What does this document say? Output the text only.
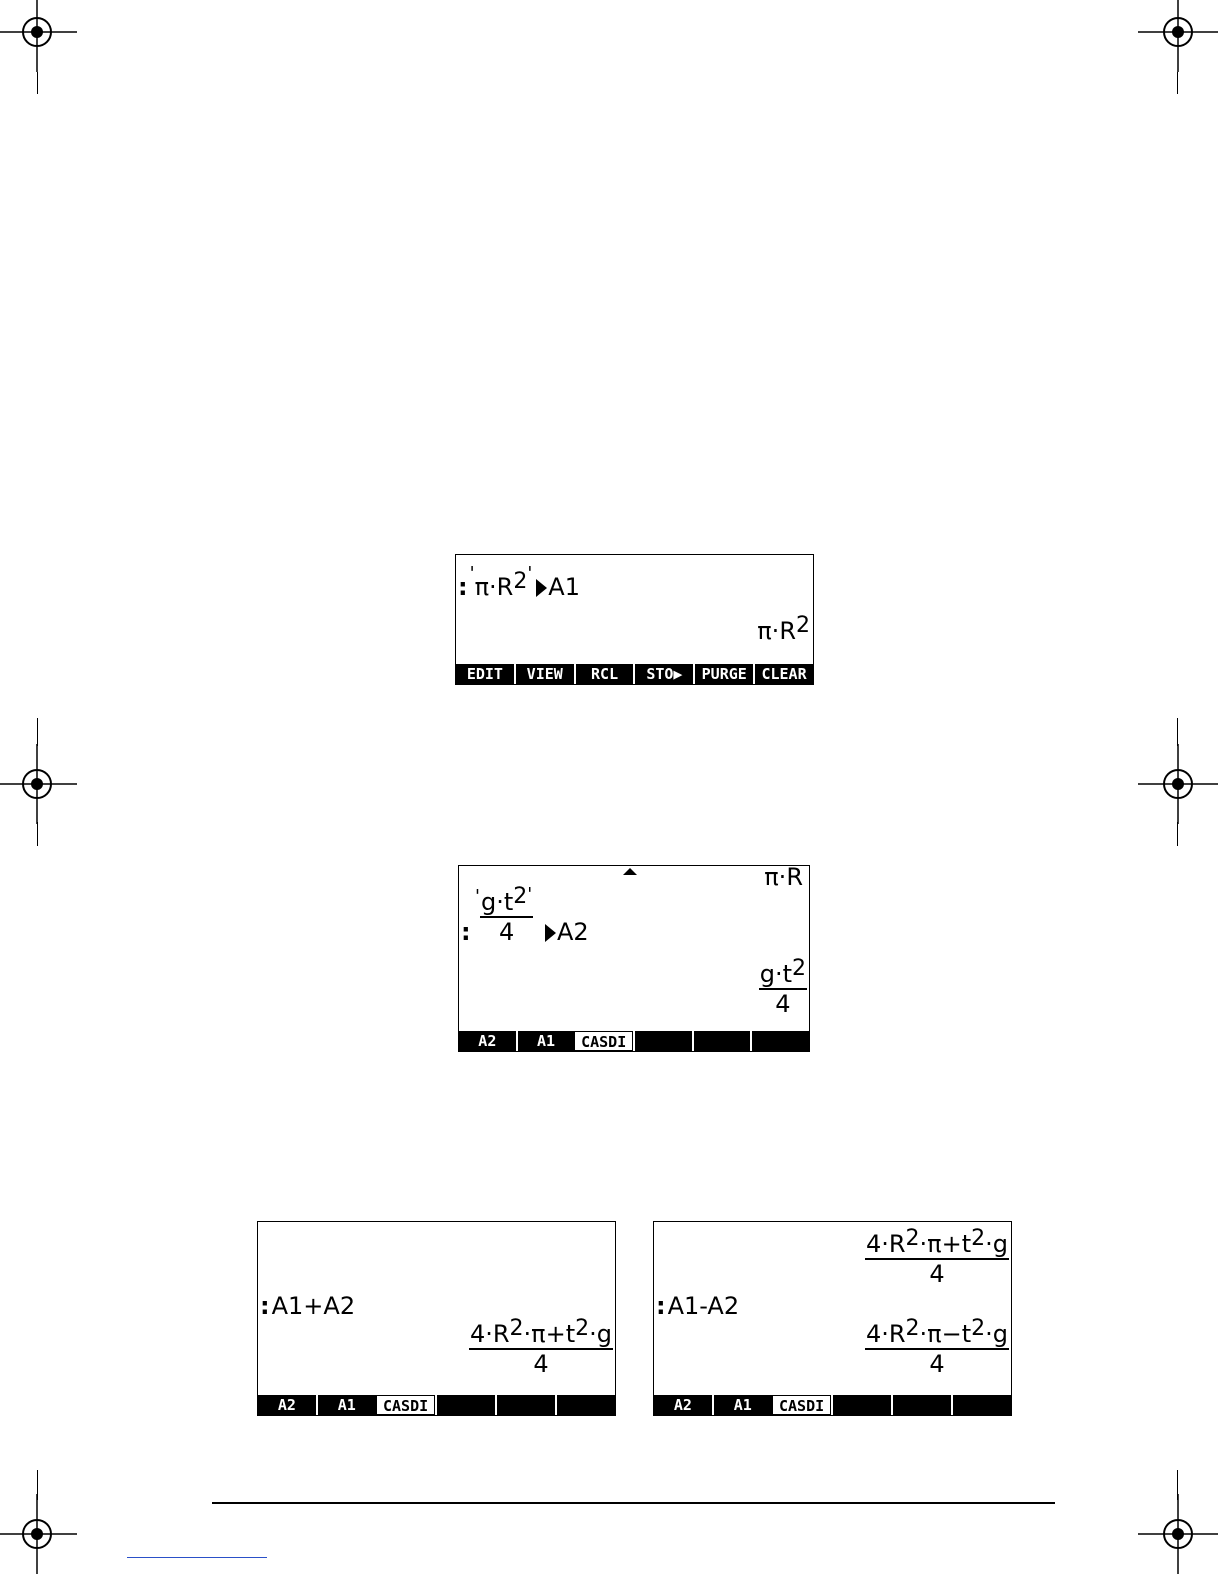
: $'\pi\cdot R^{2'}$ A1
$\pi\cdot R^2$
EDIT	VIEW	RCL	STO▶	PURGE CLEAR
π·R
:
' $g\cdot t^{2'}$
4	A2
$g\cdot t^2$
4
A2	A1	CASDI
:A1+A2
$4\cdot R^2\cdot\pi+t^2\cdot g$
4
A2	A1	CASDI
$4\cdot R^2\cdot\pi+t^2\cdot g$
4
:A1-A2
$4\cdot R^2\cdot\pi-t^2\cdot g$
4
A2	A1	CASDI
